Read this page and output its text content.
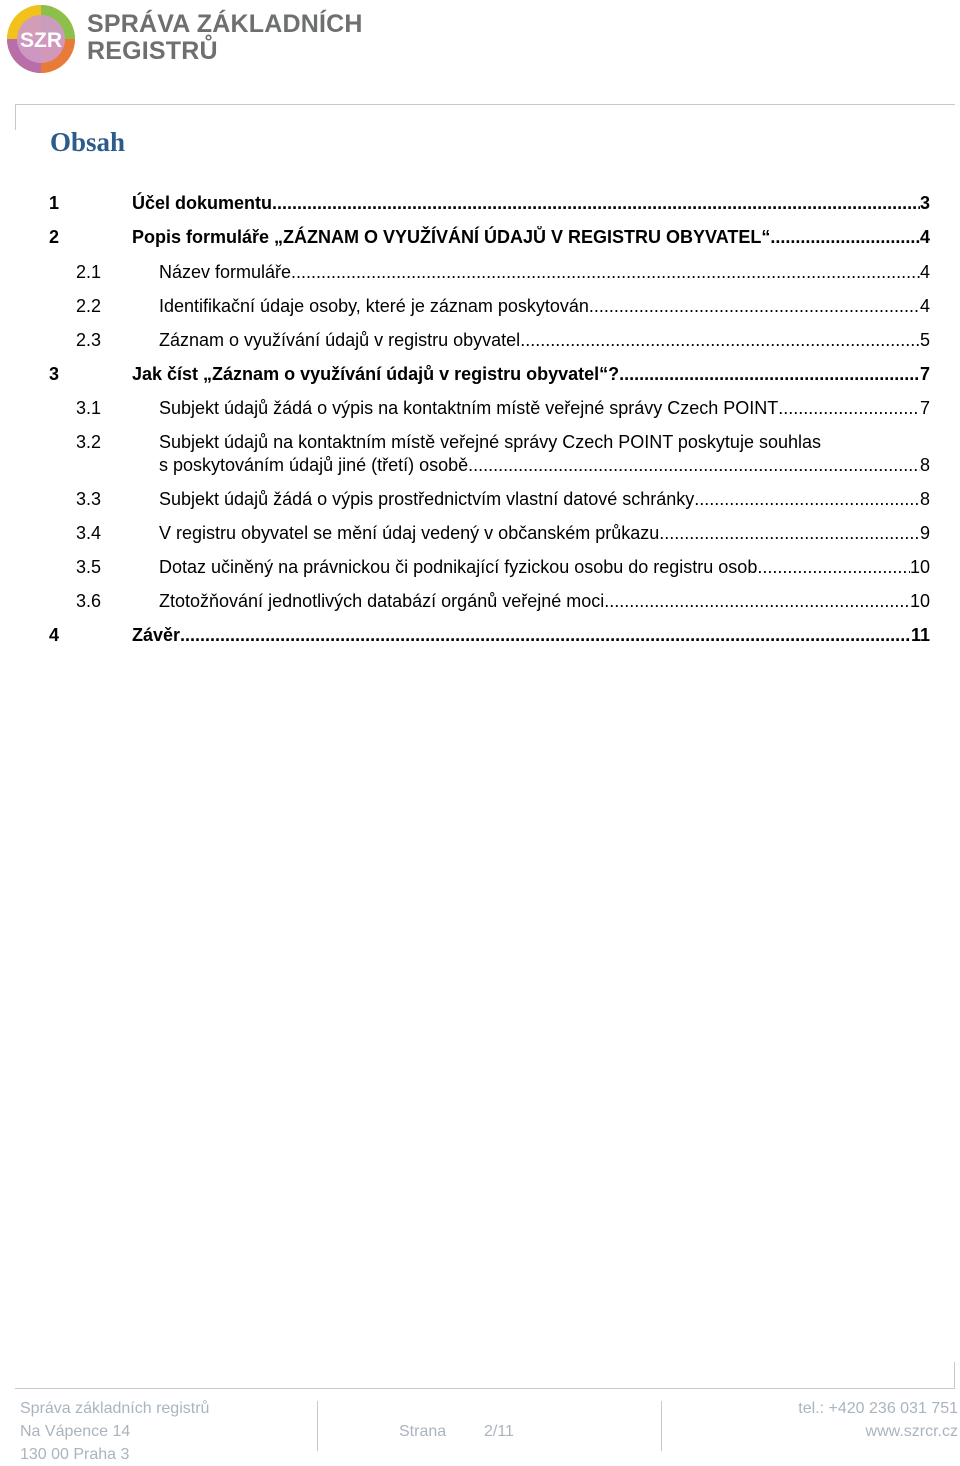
SZR
SPRÁVA ZÁKLADNÍCH
REGISTRŮ
Obsah
1	Účel dokumentu .....	3
2	Popis formuláře „ZÁZNAM O VYUŽÍVÁNÍ ÚDAJŮ V REGISTRU OBYVATEL“ .....	4
2.1	Název formuláře .....	4
2.2	Identifikační údaje osoby, které je záznam poskytován .....	4
2.3	Záznam o využívání údajů v registru obyvatel .....	5
3	Jak číst „Záznam o využívání údajů v registru obyvatel“? .....	7
3.1	Subjekt údajů žádá o výpis na kontaktním místě veřejné správy Czech POINT .....	7
3.2	Subjekt údajů na kontaktním místě veřejné správy Czech POINT poskytuje souhlas
s poskytováním údajů jiné (třetí) osobě .....	8
3.3	Subjekt údajů žádá o výpis prostřednictvím vlastní datové schránky .....	8
3.4	V registru obyvatel se mění údaj vedený v občanském průkazu .....	9
3.5	Dotaz učiněný na právnickou či podnikající fyzickou osobu do registru osob .....	10
3.6	Ztotožňování jednotlivých databází orgánů veřejné moci .....	10
4	Závěr .....	11
Správa základních registrů
Na Vápence 14
130 00 Praha 3
Strana 2/11
tel.: +420 236 031 751
www.szrcr.cz
